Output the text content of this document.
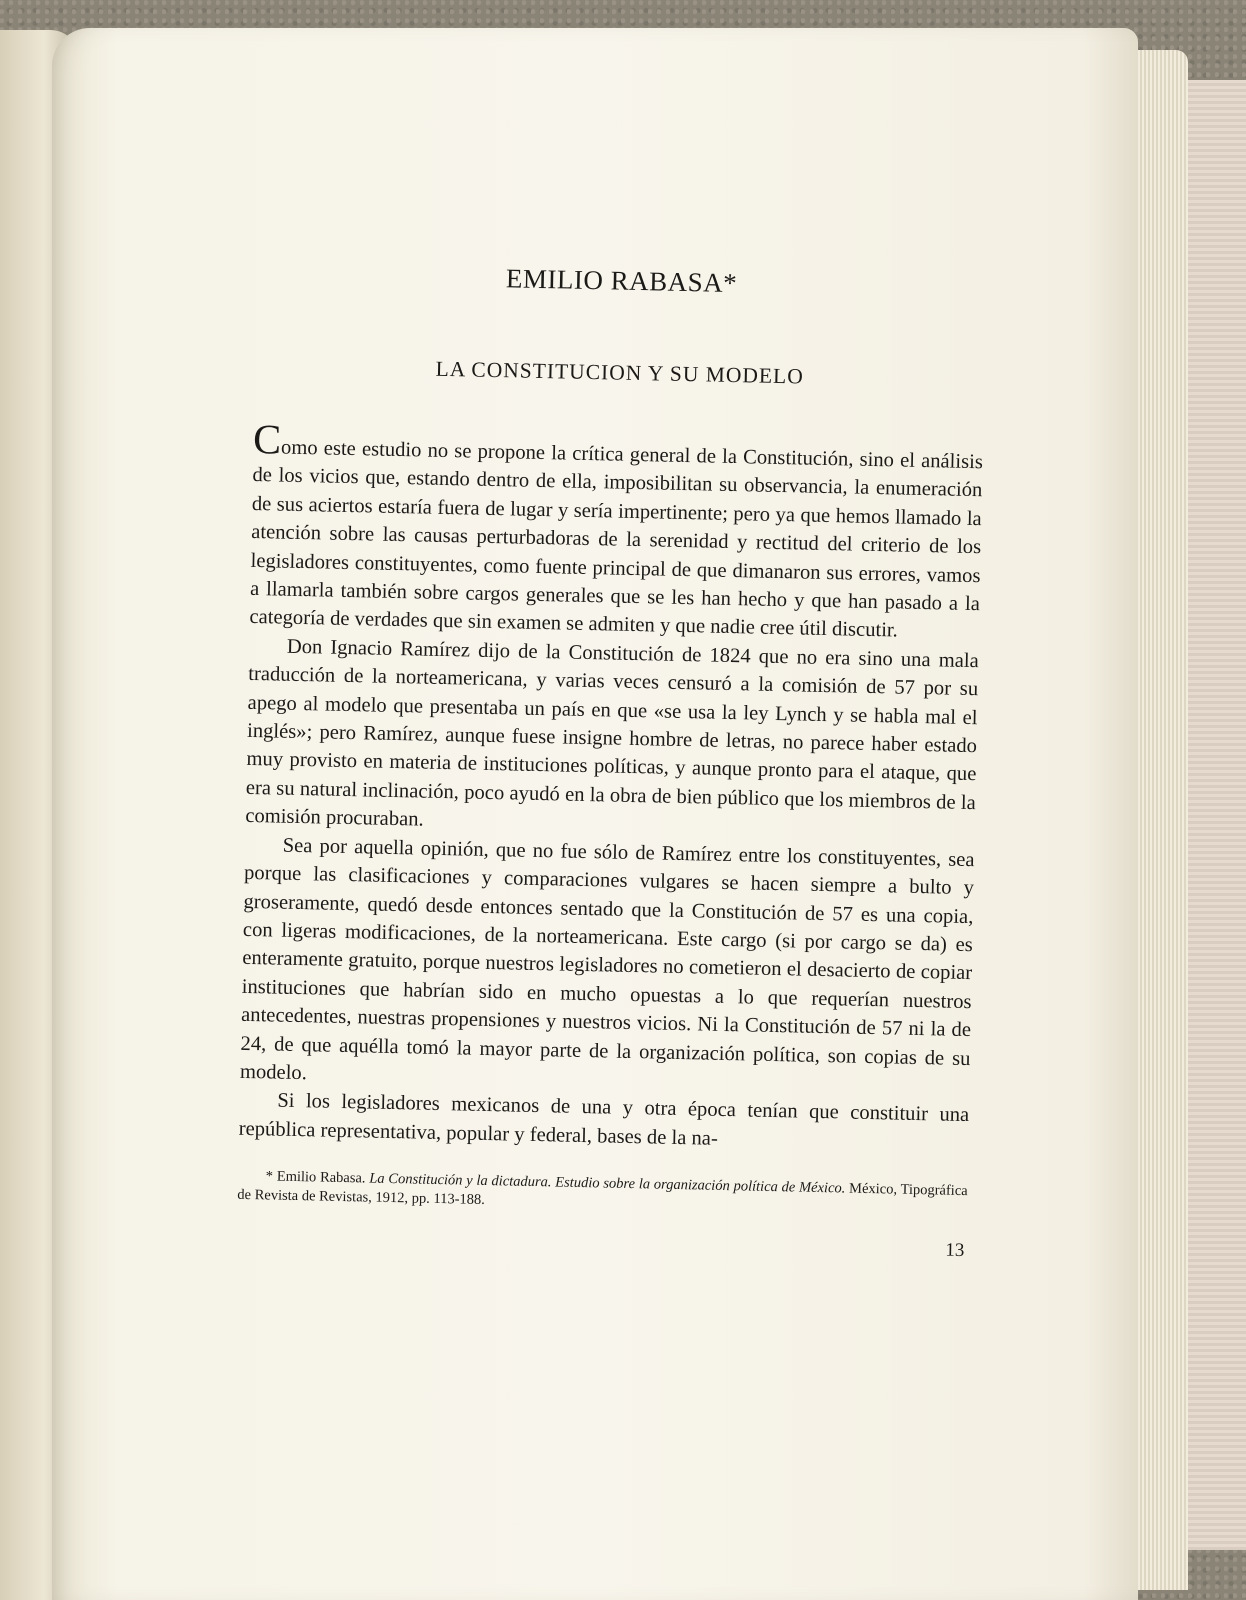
EMILIO RABASA*
LA CONSTITUCION Y SU MODELO

Como este estudio no se propone la crítica general de la Constitución, sino el análisis de los vicios que, estando dentro de ella, imposibilitan su observancia, la enumeración de sus aciertos estaría fuera de lugar y sería impertinente; pero ya que hemos llamado la atención sobre las causas perturbadoras de la serenidad y rectitud del criterio de los legisladores constituyentes, como fuente principal de que dimanaron sus errores, vamos a llamarla también sobre cargos generales que se les han hecho y que han pasado a la categoría de verdades que sin examen se admiten y que nadie cree útil discutir.

Don Ignacio Ramírez dijo de la Constitución de 1824 que no era sino una mala traducción de la norteamericana, y varias veces censuró a la comisión de 57 por su apego al modelo que presentaba un país en que «se usa la ley Lynch y se habla mal el inglés»; pero Ramírez, aunque fuese insigne hombre de letras, no parece haber estado muy provisto en materia de instituciones políticas, y aunque pronto para el ataque, que era su natural inclinación, poco ayudó en la obra de bien público que los miembros de la comisión procuraban.

Sea por aquella opinión, que no fue sólo de Ramírez entre los constituyentes, sea porque las clasificaciones y comparaciones vulgares se hacen siempre a bulto y groseramente, quedó desde entonces sentado que la Constitución de 57 es una copia, con ligeras modificaciones, de la norteamericana. Este cargo (si por cargo se da) es enteramente gratuito, porque nuestros legisladores no cometieron el desacierto de copiar instituciones que habrían sido en mucho opuestas a lo que requerían nuestros antecedentes, nuestras propensiones y nuestros vicios. Ni la Constitución de 57 ni la de 24, de que aquélla tomó la mayor parte de la organización política, son copias de su modelo.

Si los legisladores mexicanos de una y otra época tenían que constituir una república representativa, popular y federal, bases de la na-

* Emilio Rabasa. La Constitución y la dictadura. Estudio sobre la organización política de México. México, Tipográfica de Revista de Revistas, 1912, pp. 113-188.

13
